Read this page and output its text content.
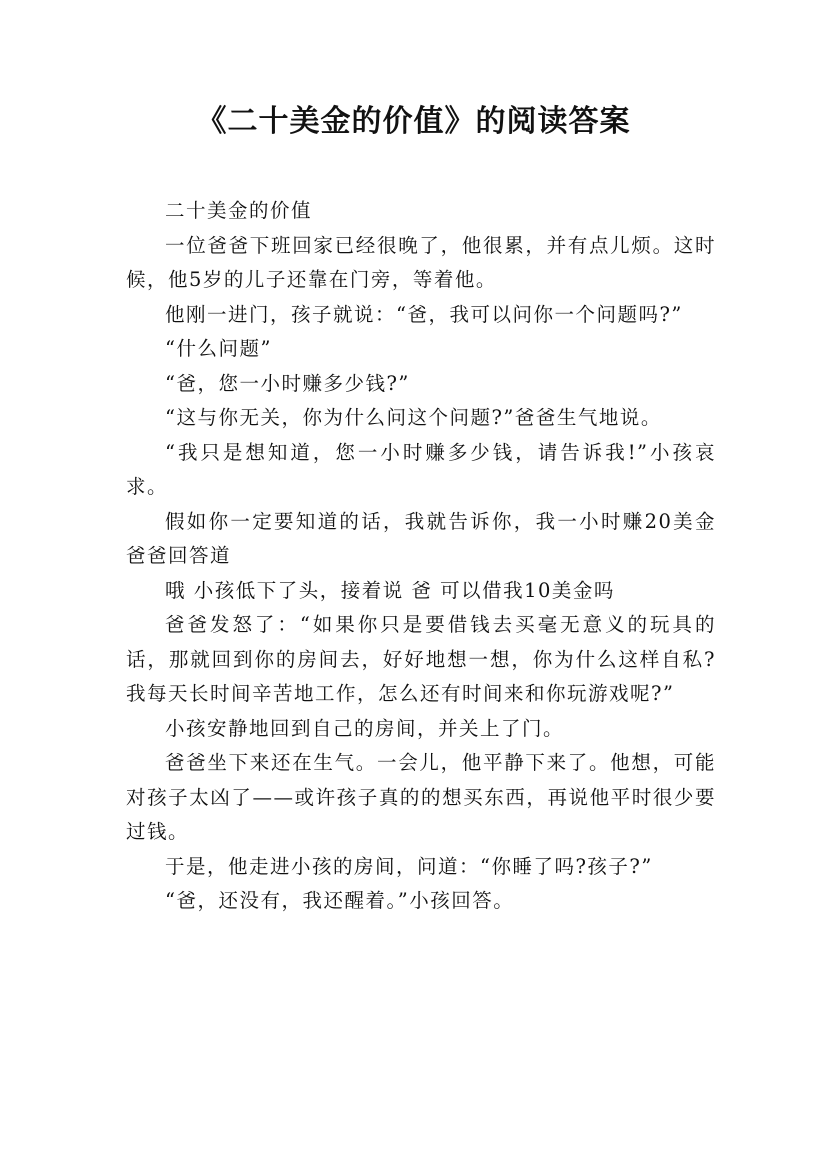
《二十美金的价值》的阅读答案

二十美金的价值

一位爸爸下班回家已经很晚了，他很累，并有点儿烦。这时候，他5岁的儿子还靠在门旁，等着他。

他刚一进门，孩子就说：“爸，我可以问你一个问题吗?”

“什么问题”

“爸，您一小时赚多少钱?”

“这与你无关，你为什么问这个问题?”爸爸生气地说。

“我只是想知道，您一小时赚多少钱，请告诉我!”小孩哀求。

假如你一定要知道的话，我就告诉你，我一小时赚20美金 爸爸回答道

哦 小孩低下了头，接着说 爸 可以借我10美金吗

爸爸发怒了：“如果你只是要借钱去买毫无意义的玩具的话，那就回到你的房间去，好好地想一想，你为什么这样自私?我每天长时间辛苦地工作，怎么还有时间来和你玩游戏呢?”

小孩安静地回到自己的房间，并关上了门。

爸爸坐下来还在生气。一会儿，他平静下来了。他想，可能对孩子太凶了——或许孩子真的的想买东西，再说他平时很少要过钱。

于是，他走进小孩的房间，问道：“你睡了吗?孩子?”

“爸，还没有，我还醒着。”小孩回答。
